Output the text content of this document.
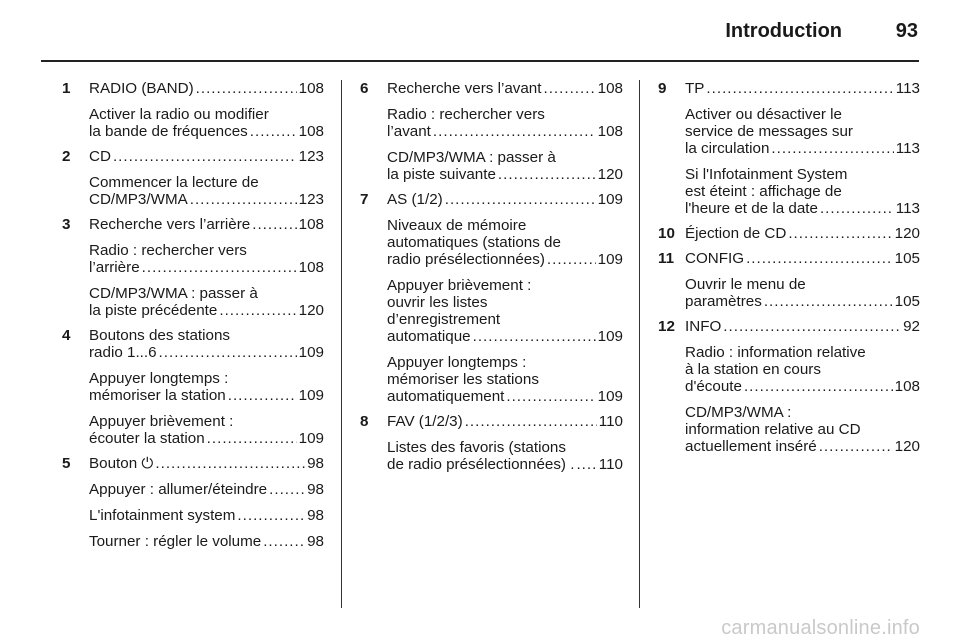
Introduction	93
1 RADIO (BAND) .....	108
Activer la radio ou modifier
la bande de fréquences .....	108
2 CD .....	123
Commencer la lecture de
CD/MP3/WMA .....	123
3 Recherche vers l’arrière .....	108
Radio : rechercher vers
l’arrière .....	108
CD/MP3/WMA : passer à
la piste précédente .....	120
4 Boutons des stations
radio 1...6 .....	109
Appuyer longtemps :
mémoriser la station .....	109
Appuyer brièvement :
écouter la station .....	109
5 Bouton ⏻ .....	98
Appuyer : allumer/éteindre .....	98
L'infotainment system .....	98
Tourner : régler le volume .....	98
6 Recherche vers l’avant .....	108
Radio : rechercher vers
l’avant .....	108
CD/MP3/WMA : passer à
la piste suivante .....	120
7 AS (1/2) .....	109
Niveaux de mémoire
automatiques (stations de
radio présélectionnées) .....	109
Appuyer brièvement :
ouvrir les listes
d’enregistrement
automatique .....	109
Appuyer longtemps :
mémoriser les stations
automatiquement .....	109
8 FAV (1/2/3) .....	110
Listes des favoris (stations
de radio présélectionnées) . ..... 110
9 TP .....	113
Activer ou désactiver le
service de messages sur
la circulation .....	113
Si l'Infotainment System
est éteint : affichage de
l'heure et de la date .....	113
10 Éjection de CD .....	120
11 CONFIG .....	105
Ouvrir le menu de
paramètres .....	105
12 INFO .....	92
Radio : information relative
à la station en cours
d'écoute .....	108
CD/MP3/WMA :
information relative au CD
actuellement inséré .....	120
carmanualsonline.info
